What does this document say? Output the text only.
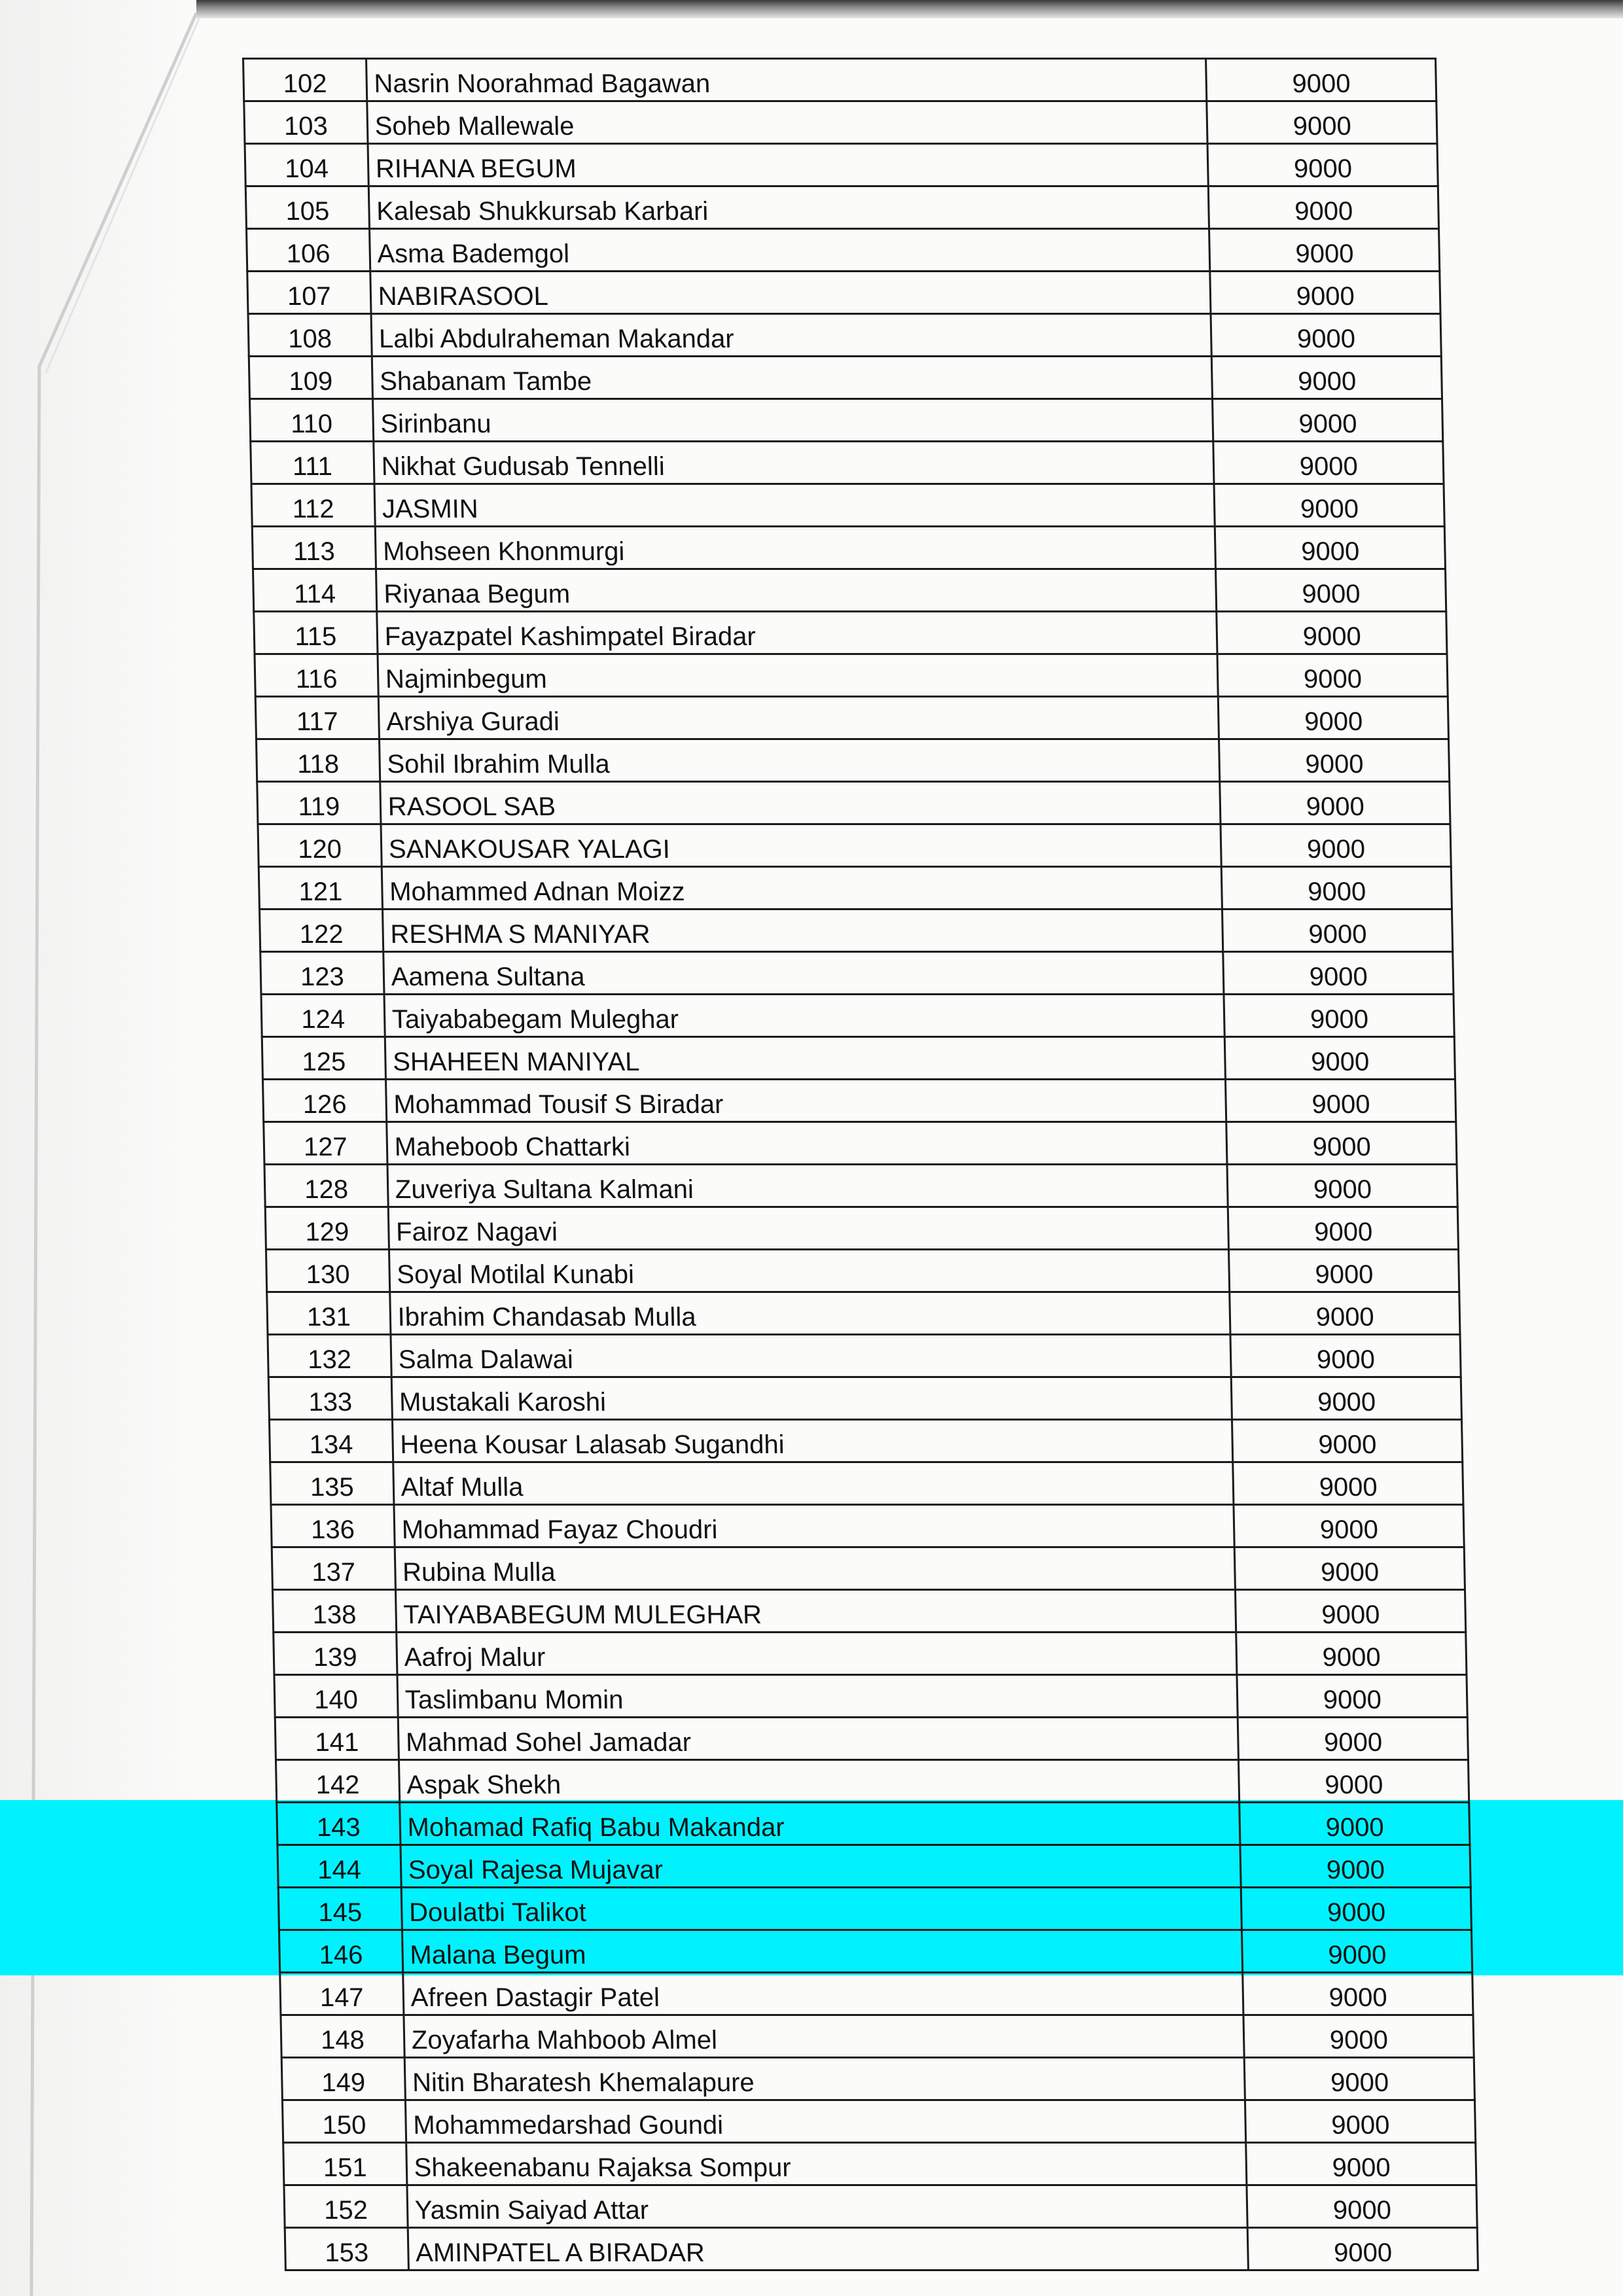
102	Nasrin Noorahmad Bagawan	9000
103	Soheb Mallewale	9000
104	RIHANA BEGUM	9000
105	Kalesab Shukkursab Karbari	9000
106	Asma Bademgol	9000
107	NABIRASOOL	9000
108	Lalbi Abdulraheman Makandar	9000
109	Shabanam Tambe	9000
110	Sirinbanu	9000
111	Nikhat Gudusab Tennelli	9000
112	JASMIN	9000
113	Mohseen Khonmurgi	9000
114	Riyanaa Begum	9000
115	Fayazpatel Kashimpatel Biradar	9000
116	Najminbegum	9000
117	Arshiya Guradi	9000
118	Sohil Ibrahim Mulla	9000
119	RASOOL SAB	9000
120	SANAKOUSAR YALAGI	9000
121	Mohammed Adnan Moizz	9000
122	RESHMA S MANIYAR	9000
123	Aamena Sultana	9000
124	Taiyababegam Muleghar	9000
125	SHAHEEN MANIYAL	9000
126	Mohammad Tousif S Biradar	9000
127	Maheboob Chattarki	9000
128	Zuveriya Sultana Kalmani	9000
129	Fairoz Nagavi	9000
130	Soyal Motilal Kunabi	9000
131	Ibrahim Chandasab Mulla	9000
132	Salma Dalawai	9000
133	Mustakali Karoshi	9000
134	Heena Kousar Lalasab Sugandhi	9000
135	Altaf Mulla	9000
136	Mohammad Fayaz Choudri	9000
137	Rubina Mulla	9000
138	TAIYABABEGUM MULEGHAR	9000
139	Aafroj Malur	9000
140	Taslimbanu Momin	9000
141	Mahmad Sohel Jamadar	9000
142	Aspak Shekh	9000
143	Mohamad Rafiq Babu Makandar	9000
144	Soyal Rajesa Mujavar	9000
145	Doulatbi Talikot	9000
146	Malana Begum	9000
147	Afreen Dastagir Patel	9000
148	Zoyafarha Mahboob Almel	9000
149	Nitin Bharatesh Khemalapure	9000
150	Mohammedarshad Goundi	9000
151	Shakeenabanu Rajaksa Sompur	9000
152	Yasmin Saiyad Attar	9000
153	AMINPATEL A BIRADAR	9000
